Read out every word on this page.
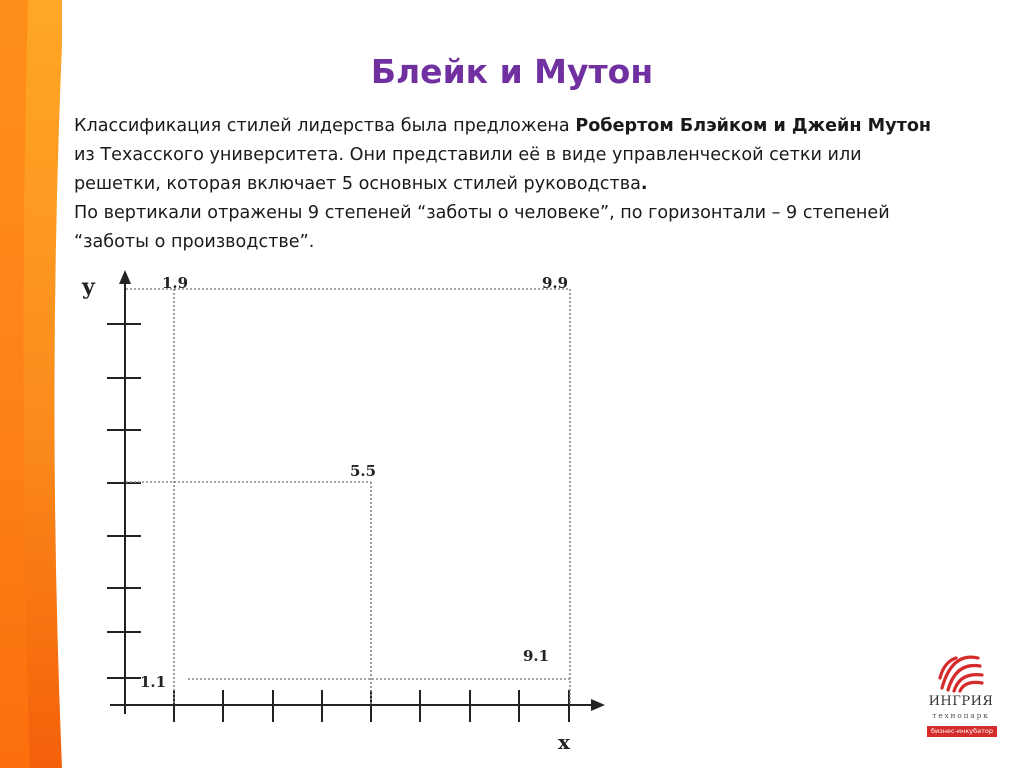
Блейк и Мутон
Классификация стилей лидерства была предложена Робертом Блэйком и Джейн Мутон из Техасского университета. Они представили её в виде управленческой сетки или решетки, которая включает 5 основных стилей руководства.
По вертикали отражены 9 степеней “заботы о человеке”, по горизонтали – 9 степеней “заботы о производстве”.
y
x
1.9	9.9
5.5
9.1
1.1
ИНГРИЯ
технопарк
бизнес-инкубатор
